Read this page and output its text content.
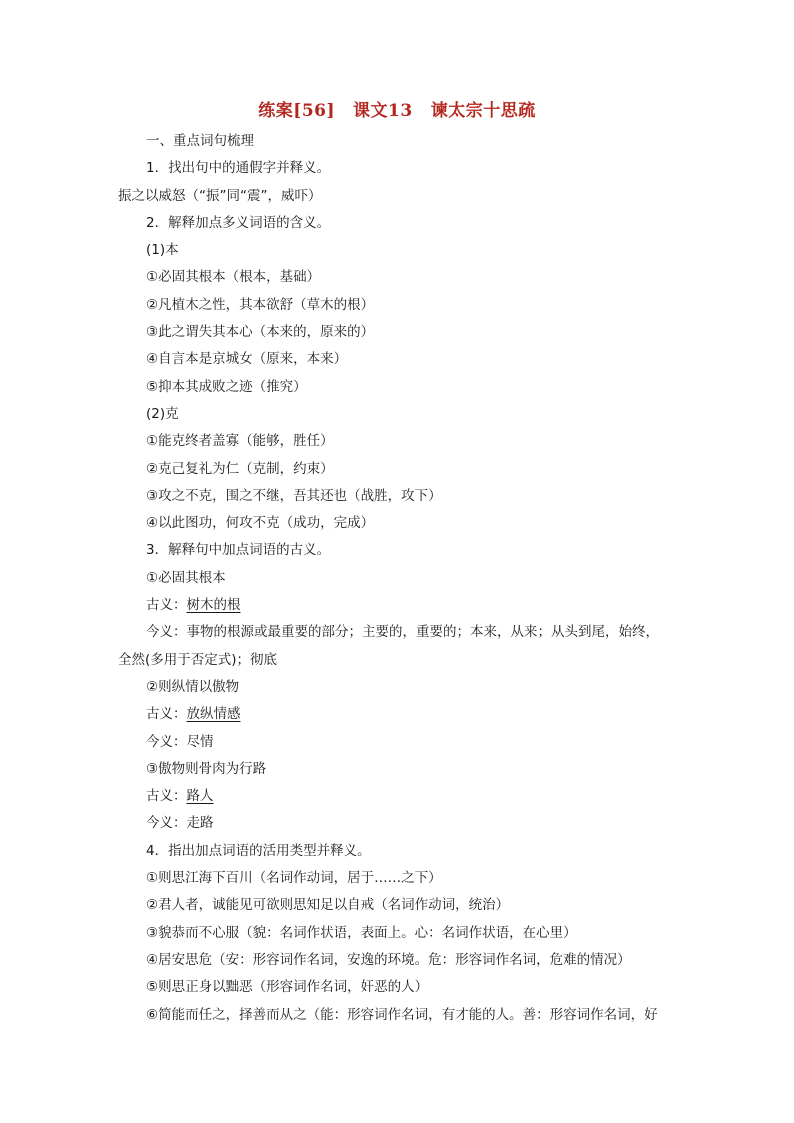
练案[56] 课文13 谏太宗十思疏
一、重点词句梳理
1．找出句中的通假字并释义。
振之以威怒（“振”同“震”，威吓）
2．解释加点多义词语的含义。
(1)本
①必固其根本（根本，基础）
②凡植木之性，其本欲舒（草木的根）
③此之谓失其本心（本来的，原来的）
④自言本是京城女（原来，本来）
⑤抑本其成败之迹（推究）
(2)克
①能克终者盖寡（能够，胜任）
②克己复礼为仁（克制，约束）
③攻之不克，围之不继，吾其还也（战胜，攻下）
④以此图功，何攻不克（成功，完成）
3．解释句中加点词语的古义。
①必固其根本
古义：树木的根
今义：事物的根源或最重要的部分；主要的，重要的；本来，从来；从头到尾，始终，
全然(多用于否定式)；彻底
②则纵情以傲物
古义：放纵情感
今义：尽情
③傲物则骨肉为行路
古义：路人
今义：走路
4．指出加点词语的活用类型并释义。
①则思江海下百川（名词作动词，居于……之下）
②君人者，诚能见可欲则思知足以自戒（名词作动词，统治）
③貌恭而不心服（貌：名词作状语，表面上。心：名词作状语，在心里）
④居安思危（安：形容词作名词，安逸的环境。危：形容词作名词，危难的情况）
⑤则思正身以黜恶（形容词作名词，奸恶的人）
⑥简能而任之，择善而从之（能：形容词作名词，有才能的人。善：形容词作名词，好
